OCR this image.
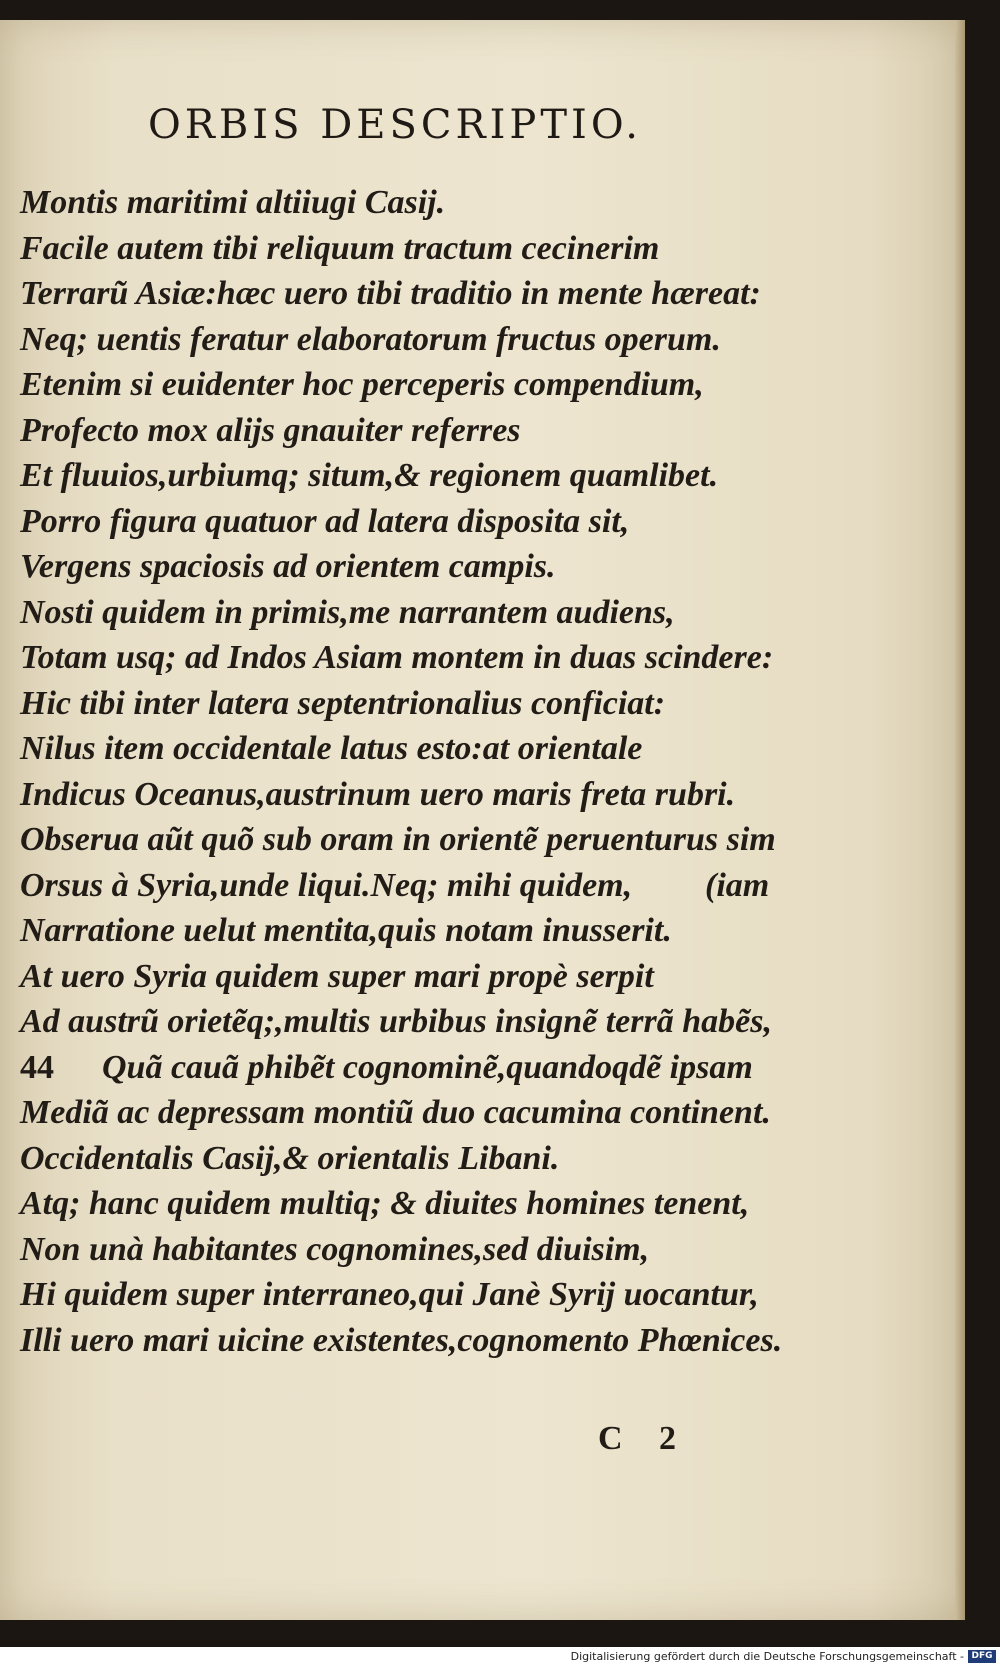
ORBIS DESCRIPTIO.
Montis maritimi altiiugi Casij.
Facile autem tibi reliquum tractum cecinerim
Terrarũ Asiæ:hæc uero tibi traditio in mente hæreat:
Neq; uentis feratur elaboratorum fructus operum.
Etenim si euidenter hoc perceperis compendium,
Profecto mox alijs gnauiter referres
Et fluuios,urbiumq; situm,& regionem quamlibet.
Porro figura quatuor ad latera disposita sit,
Vergens spaciosis ad orientem campis.
Nosti quidem in primis,me narrantem audiens,
Totam usq; ad Indos Asiam montem in duas scindere:
Hic tibi inter latera septentrionalius conficiat:
Nilus item occidentale latus esto:at orientale
Indicus Oceanus,austrinum uero maris freta rubri.
Obserua aũt quõ sub oram in orientẽ peruenturus sim
Orsus à Syria,unde liqui.Neq; mihi quidem, (iam
Narratione uelut mentita,quis notam inusserit.
At uero Syria quidem super mari propè serpit
Ad austrũ orietẽq;,multis urbibus insignẽ terrã habẽs,
44 Quã cauã phibẽt cognominẽ,quandoqdẽ ipsam
Mediã ac depressam montiũ duo cacumina continent.
Occidentalis Casij,& orientalis Libani.
Atq; hanc quidem multiq; & diuites homines tenent,
Non unà habitantes cognomines,sed diuisim,
Hi quidem super interraneo,qui Janè Syrij uocantur,
Illi uero mari uicine existentes,cognomento Phœnices.
C 2
Digitalisierung gefördert durch die Deutsche Forschungsgemeinschaft - DFG
